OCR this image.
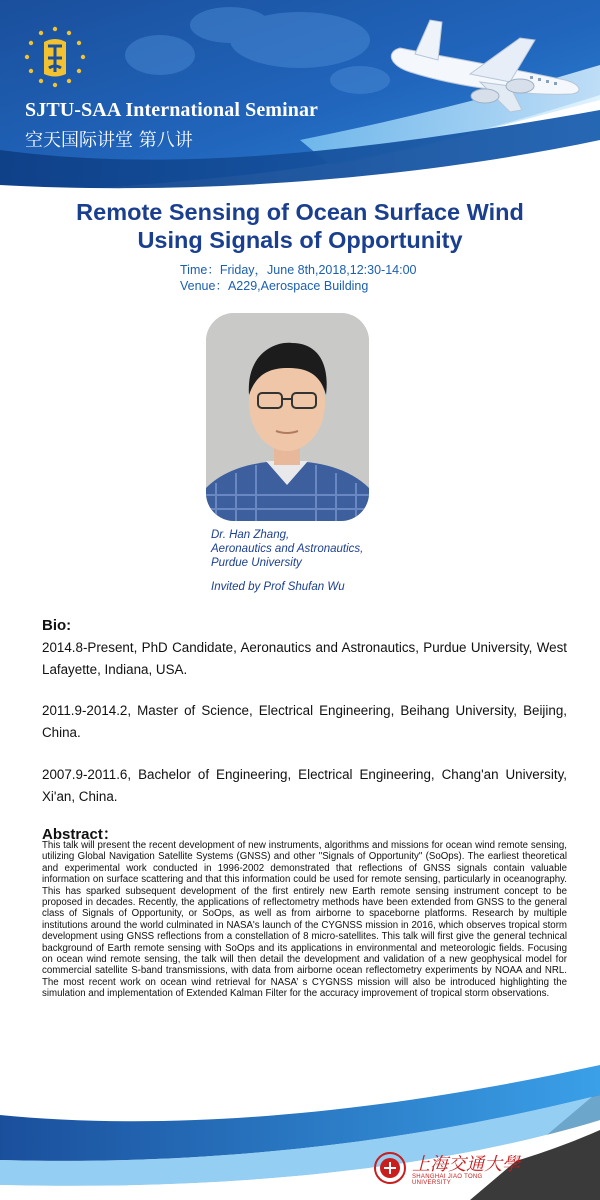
SJTU-SAA International Seminar

空天国际讲堂 第八讲

Remote Sensing of Ocean Surface Wind
Using Signals of Opportunity
Time：Friday，June 8th,2018,12:30-14:00
Venue：A229,Aerospace Building
Dr. Han Zhang,
Aeronautics and Astronautics,
Purdue University
Invited by Prof Shufan Wu
Bio:

2014.8-Present, PhD Candidate, Aeronautics and Astronautics, Purdue University, West Lafayette, Indiana, USA.

2011.9-2014.2, Master of Science, Electrical Engineering, Beihang University, Beijing, China.

2007.9-2011.6, Bachelor of Engineering, Electrical Engineering, Chang'an University, Xi'an, China.

Abstract：

This talk will present the recent development of new instruments, algorithms and missions for ocean wind remote sensing, utilizing Global Navigation Satellite Systems (GNSS) and other "Signals of Opportunity" (SoOps). The earliest theoretical and experimental work conducted in 1996-2002 demonstrated that reflections of GNSS signals contain valuable information on surface scattering and that this information could be used for remote sensing, particularly in oceanography. This has sparked subsequent development of the first entirely new Earth remote sensing instrument concept to be proposed in decades. Recently, the applications of reflectometry methods have been extended from GNSS to the general class of Signals of Opportunity, or SoOps, as well as from airborne to spaceborne platforms. Research by multiple institutions around the world culminated in NASA's launch of the CYGNSS mission in 2016, which observes tropical storm development using GNSS reflections from a constellation of 8 micro-satellites. This talk will first give the general technical background of Earth remote sensing with SoOps and its applications in environmental and meteorologic fields. Focusing on ocean wind remote sensing, the talk will then detail the development and validation of a new geophysical model for commercial satellite S-band transmissions, with data from airborne ocean reflectometry experiments by NOAA and NRL. The most recent work on ocean wind retrieval for NASA’ s CYGNSS mission will also be introduced highlighting the simulation and implementation of Extended Kalman Filter for the accuracy improvement of tropical storm observations.

上海交通大學
SHANGHAI JIAO TONG UNIVERSITY
